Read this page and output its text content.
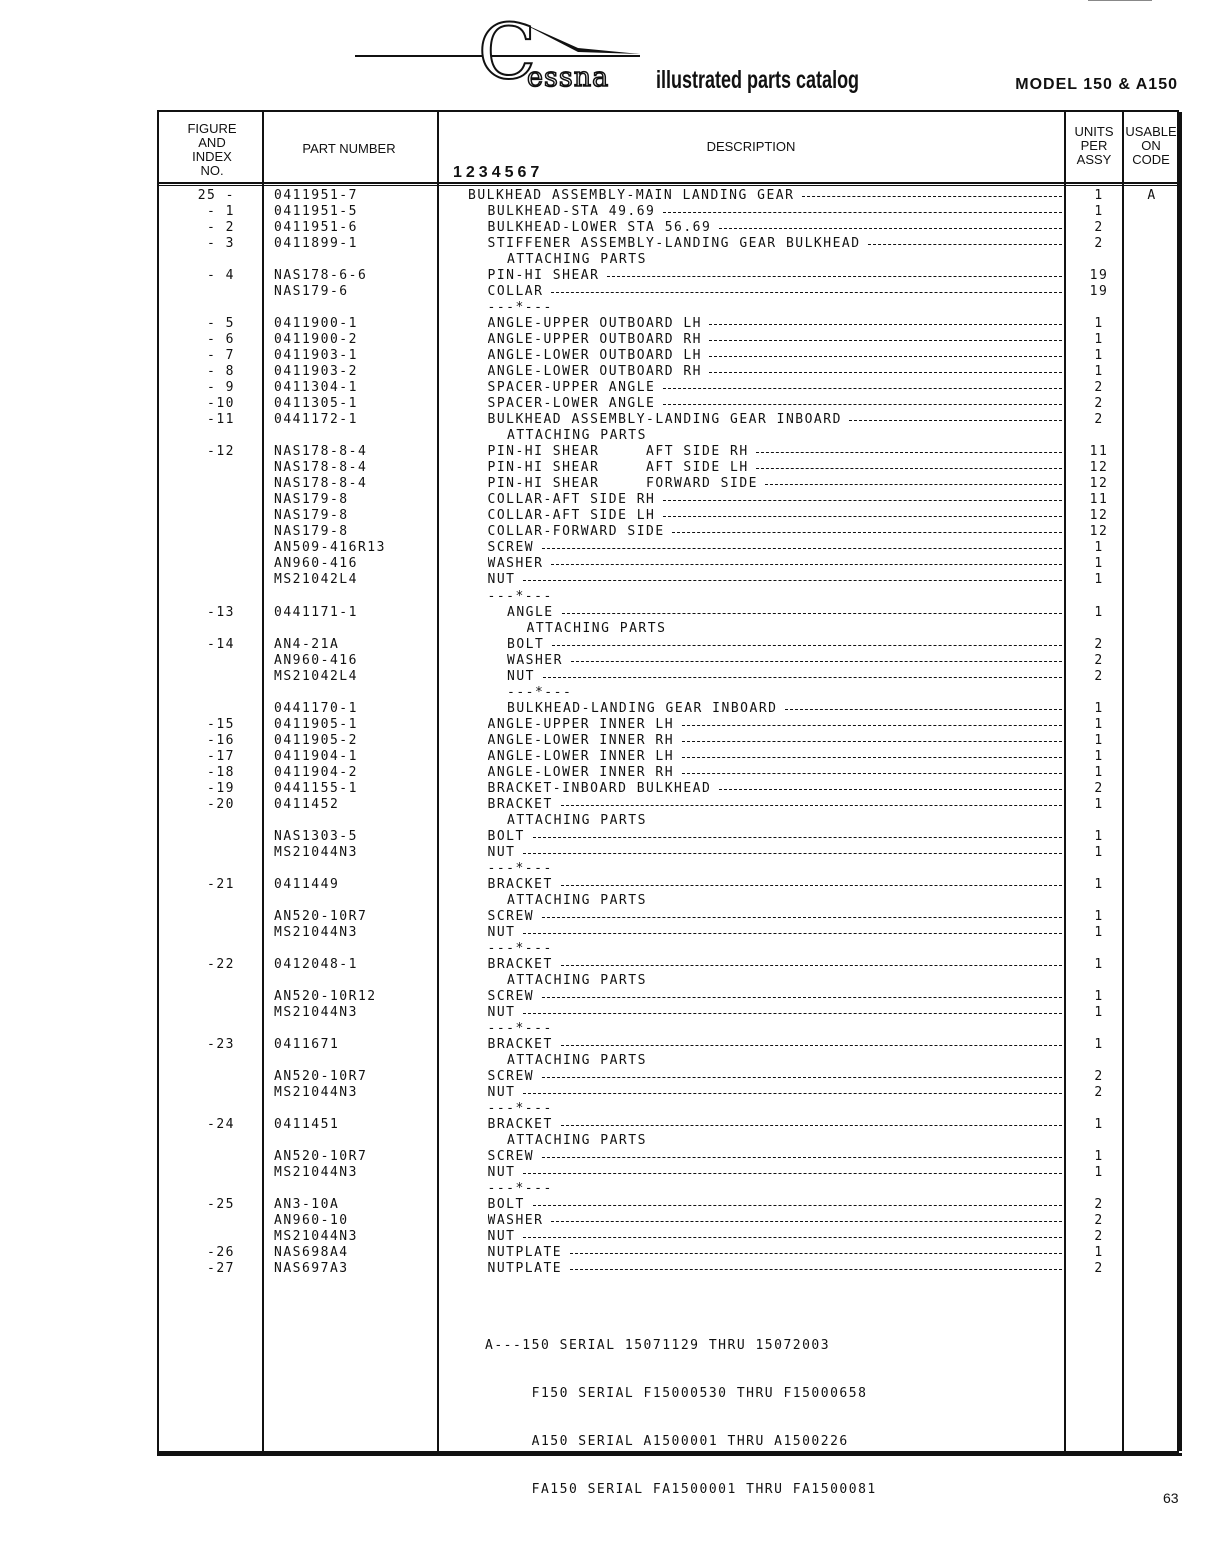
C
essna illustrated parts catalog	MODEL 150 & A150
FIGURE
AND
INDEX
NO.
PART NUMBER	DESCRIPTION
1234567
UNITS
PER
ASSY
USABLE
ON
CODE
25 -	0411951-7	BULKHEAD ASSEMBLY-MAIN LANDING GEAR	1	A
- 1	0411951-5	BULKHEAD-STA 49.69	1
- 2	0411951-6	BULKHEAD-LOWER STA 56.69	2
- 3	0411899-1	STIFFENER ASSEMBLY-LANDING GEAR BULKHEAD	2
ATTACHING PARTS
- 4	NAS178-6-6	PIN-HI SHEAR	19
NAS179-6	COLLAR	19
---*---
- 5	0411900-1	ANGLE-UPPER OUTBOARD LH	1
- 6	0411900-2	ANGLE-UPPER OUTBOARD RH	1
- 7	0411903-1	ANGLE-LOWER OUTBOARD LH	1
- 8	0411903-2	ANGLE-LOWER OUTBOARD RH	1
- 9	0411304-1	SPACER-UPPER ANGLE	2
-10	0411305-1	SPACER-LOWER ANGLE	2
-11	0441172-1	BULKHEAD ASSEMBLY-LANDING GEAR INBOARD	2
ATTACHING PARTS
-12	NAS178-8-4	PIN-HI SHEAR     AFT SIDE RH	11
NAS178-8-4	PIN-HI SHEAR     AFT SIDE LH	12
NAS178-8-4	PIN-HI SHEAR     FORWARD SIDE	12
NAS179-8	COLLAR-AFT SIDE RH	11
NAS179-8	COLLAR-AFT SIDE LH	12
NAS179-8	COLLAR-FORWARD SIDE	12
AN509-416R13	SCREW	1
AN960-416	WASHER	1
MS21042L4	NUT	1
---*---
-13	0441171-1	ANGLE	1
ATTACHING PARTS
-14	AN4-21A	BOLT	2
AN960-416	WASHER	2
MS21042L4	NUT	2
---*---
0441170-1	BULKHEAD-LANDING GEAR INBOARD	1
-15	0411905-1	ANGLE-UPPER INNER LH	1
-16	0411905-2	ANGLE-LOWER INNER RH	1
-17	0411904-1	ANGLE-LOWER INNER LH	1
-18	0411904-2	ANGLE-LOWER INNER RH	1
-19	0441155-1	BRACKET-INBOARD BULKHEAD	2
-20	0411452	BRACKET	1
ATTACHING PARTS
NAS1303-5	BOLT	1
MS21044N3	NUT	1
---*---
-21	0411449	BRACKET	1
ATTACHING PARTS
AN520-10R7	SCREW	1
MS21044N3	NUT	1
---*---
-22	0412048-1	BRACKET	1
ATTACHING PARTS
AN520-10R12	SCREW	1
MS21044N3	NUT	1
---*---
-23	0411671	BRACKET	1
ATTACHING PARTS
AN520-10R7	SCREW	2
MS21044N3	NUT	2
---*---
-24	0411451	BRACKET	1
ATTACHING PARTS
AN520-10R7	SCREW	1
MS21044N3	NUT	1
---*---
-25	AN3-10A	BOLT	2
AN960-10	WASHER	2
MS21044N3	NUT	2
-26	NAS698A4	NUTPLATE	1
-27	NAS697A3	NUTPLATE	2

A---150 SERIAL 15071129 THRU 15072003

F150 SERIAL F15000530 THRU F15000658

A150 SERIAL A1500001 THRU A1500226

FA150 SERIAL FA1500001 THRU FA1500081

63
